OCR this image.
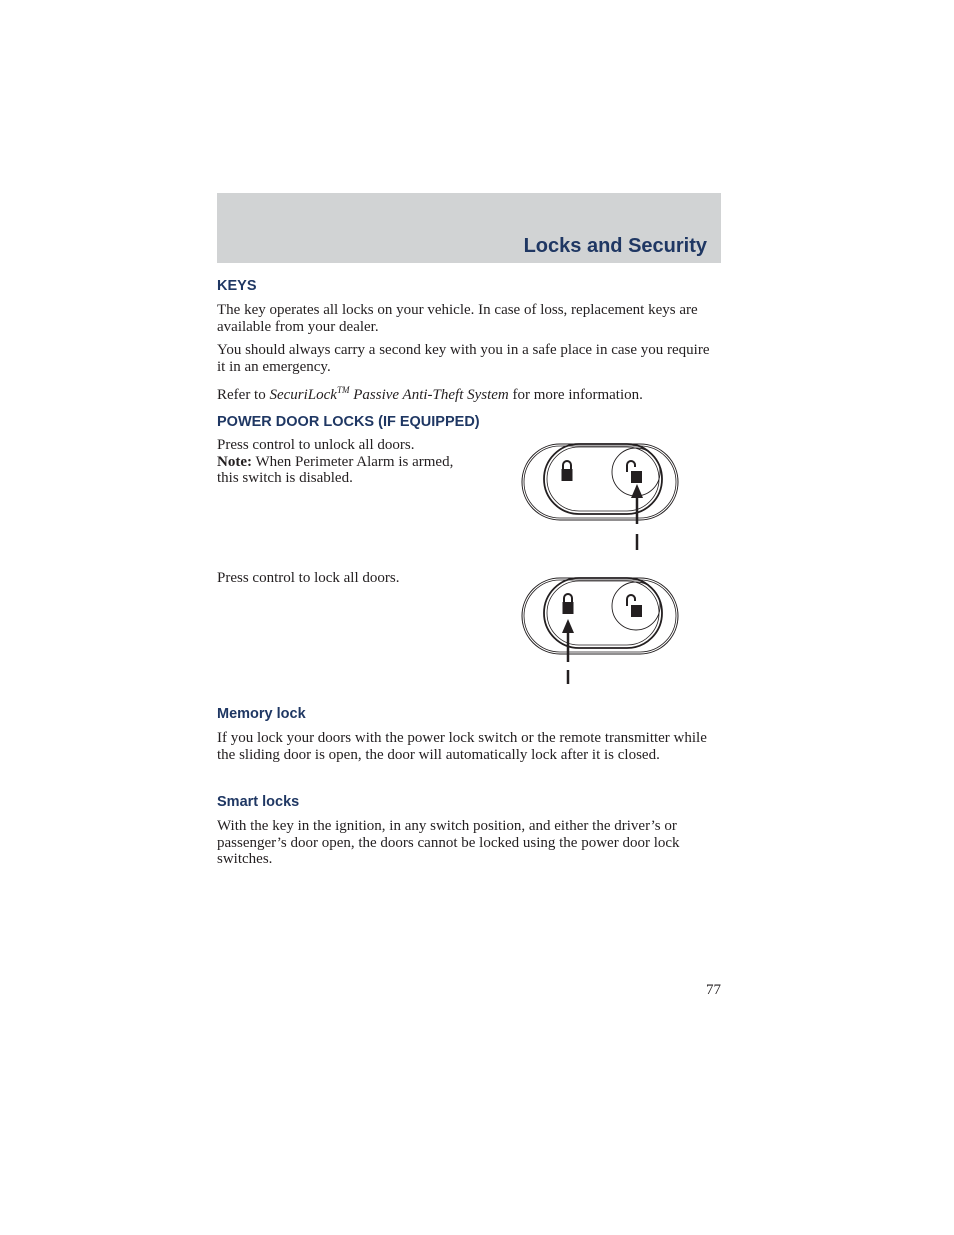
Locks and Security
KEYS

The key operates all locks on your vehicle. In case of loss, replacement keys are available from your dealer.

You should always carry a second key with you in a safe place in case you require it in an emergency.

Refer to SecuriLock™ Passive Anti-Theft System for more information.

POWER DOOR LOCKS (IF EQUIPPED)

Press control to unlock all doors.
Note: When Perimeter Alarm is armed, this switch is disabled.

Press control to lock all doors.

Memory lock

If you lock your doors with the power lock switch or the remote transmitter while the sliding door is open, the door will automatically lock after it is closed.

Smart locks

With the key in the ignition, in any switch position, and either the driver’s or passenger’s door open, the doors cannot be locked using the power door lock switches.

77
